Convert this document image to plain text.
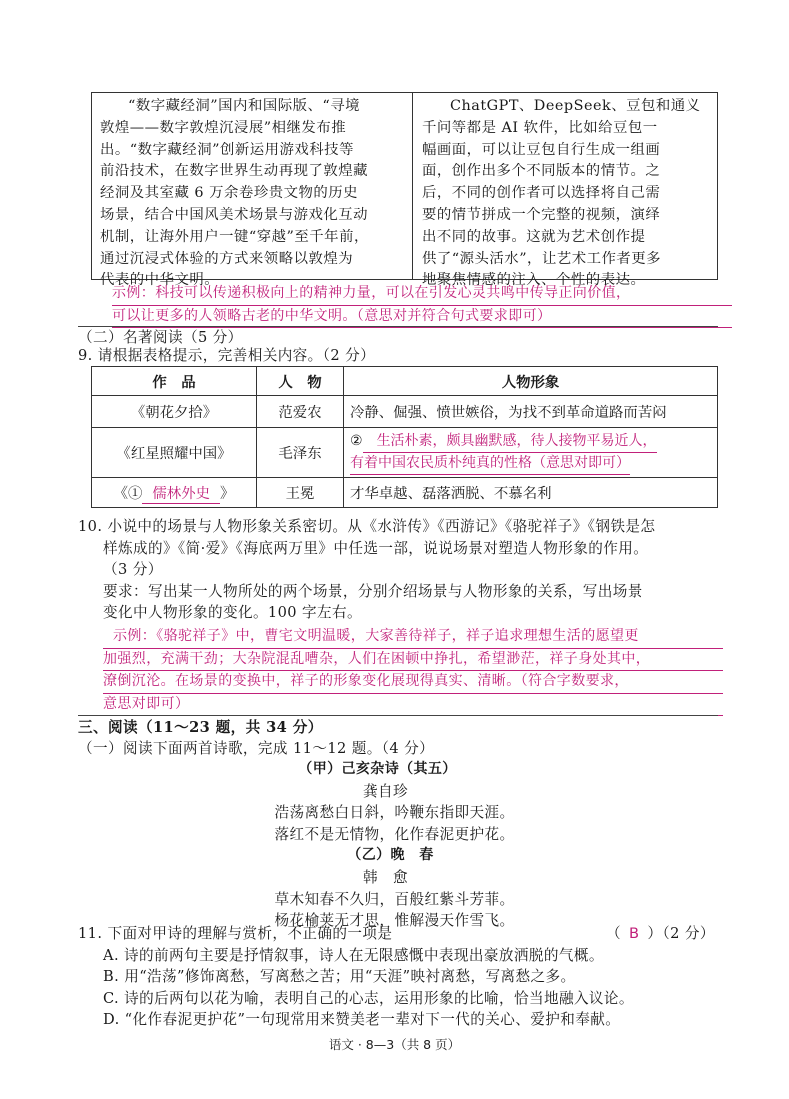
“数字藏经洞”国内和国际版、“寻境
敦煌——数字敦煌沉浸展”相继发布推
出。“数字藏经洞”创新运用游戏科技等
前沿技术，在数字世界生动再现了敦煌藏
经洞及其室藏 6 万余卷珍贵文物的历史
场景，结合中国风美术场景与游戏化互动
机制，让海外用户一键“穿越”至千年前，
通过沉浸式体验的方式来领略以敦煌为
代表的中华文明。
ChatGPT、DeepSeek、豆包和通义
千问等都是 AI 软件，比如给豆包一
幅画面，可以让豆包自行生成一组画
面，创作出多个不同版本的情节。之
后，不同的创作者可以选择将自己需
要的情节拼成一个完整的视频，演绎
出不同的故事。这就为艺术创作提
供了“源头活水”，让艺术工作者更多
地聚焦情感的注入、个性的表达。
示例：科技可以传递积极向上的精神力量，可以在引发心灵共鸣中传导正向价值，
可以让更多的人领略古老的中华文明。（意思对并符合句式要求即可）
（二）名著阅读（5 分）
9. 请根据表格提示，完善相关内容。（2 分）
作　品	人　物	人物形象
《朝花夕拾》	范爱农	冷静、倔强、愤世嫉俗，为找不到革命道路而苦闷
《红星照耀中国》	毛泽东	② 生活朴素，颇具幽默感，待人接物平易近人，
有着中国农民质朴纯真的性格（意思对即可）

《① 儒林外史 》	王冕	才华卓越、磊落洒脱、不慕名利
10. 小说中的场景与人物形象关系密切。从《水浒传》《西游记》《骆驼祥子》《钢铁是怎
样炼成的》《简·爱》《海底两万里》中任选一部，说说场景对塑造人物形象的作用。
（3 分）
要求：写出某一人物所处的两个场景，分别介绍场景与人物形象的关系，写出场景
变化中人物形象的变化。100 字左右。
示例：《骆驼祥子》中，曹宅文明温暖，大家善待祥子，祥子追求理想生活的愿望更
加强烈，充满干劲；大杂院混乱嘈杂，人们在困顿中挣扎，希望渺茫，祥子身处其中，
潦倒沉沦。在场景的变换中，祥子的形象变化展现得真实、清晰。（符合字数要求，
意思对即可）
三、阅读（11～23 题，共 34 分）
（一）阅读下面两首诗歌，完成 11～12 题。（4 分）
（甲）己亥杂诗（其五）
龚自珍
浩荡离愁白日斜，吟鞭东指即天涯。
落红不是无情物，化作春泥更护花。
（乙）晚　春
韩　愈
草木知春不久归，百般红紫斗芳菲。
杨花榆荚无才思，惟解漫天作雪飞。
11. 下面对甲诗的理解与赏析，不正确的一项是	（ B ）（2 分）
A. 诗的前两句主要是抒情叙事，诗人在无限感慨中表现出豪放洒脱的气概。
B. 用“浩荡”修饰离愁，写离愁之苦；用“天涯”映衬离愁，写离愁之多。
C. 诗的后两句以花为喻，表明自己的心志，运用形象的比喻，恰当地融入议论。
D. “化作春泥更护花”一句现常用来赞美老一辈对下一代的关心、爱护和奉献。
语文 · 8—3（共 8 页）
